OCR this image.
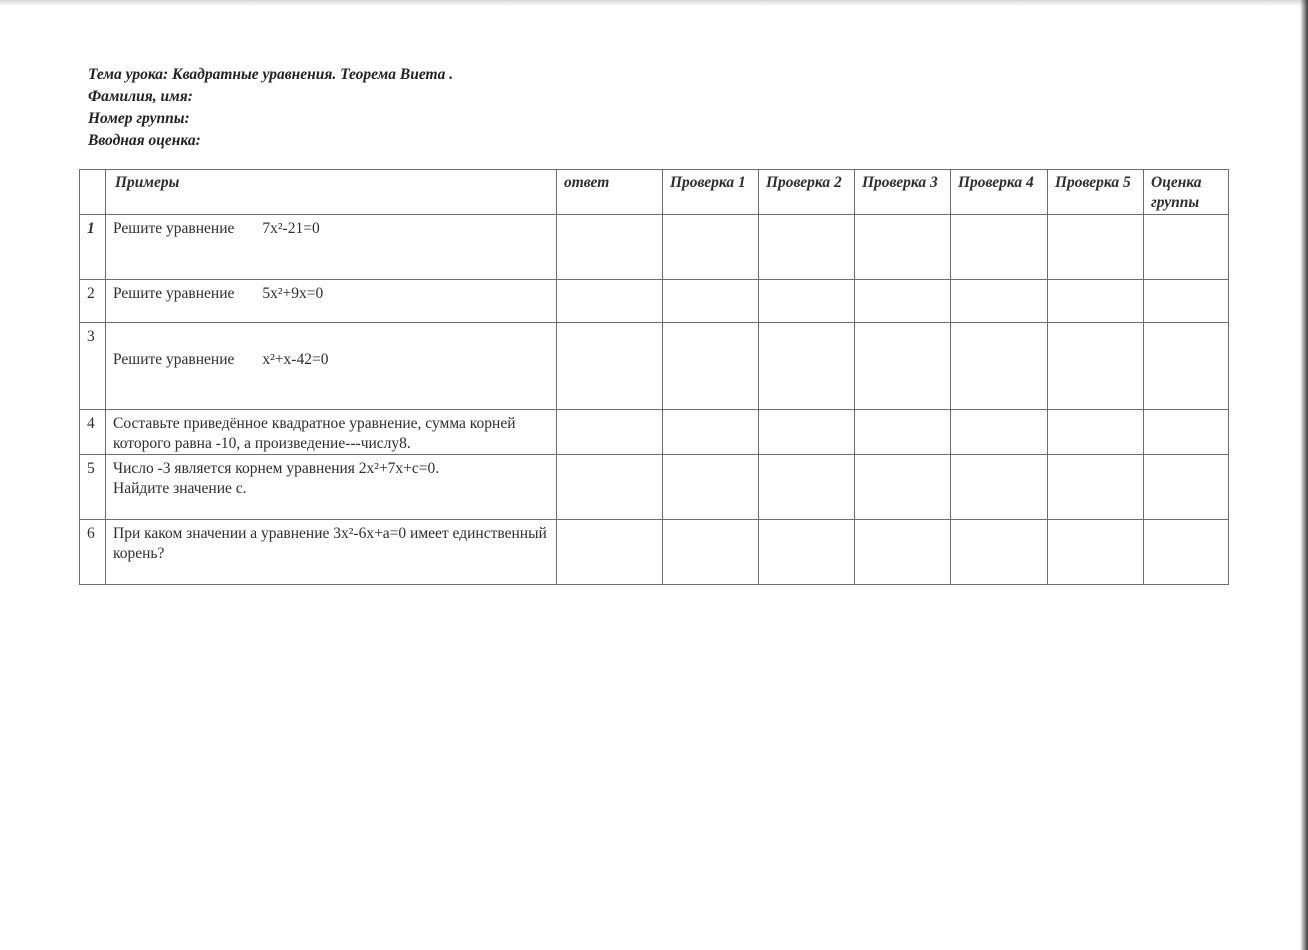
Тема урока: Квадратные уравнения. Теорема Виета .
Фамилия, имя:
Номер группы:
Вводная оценка:
	Примеры	ответ	Проверка 1	Проверка 2	Проверка 3	Проверка 4	Проверка 5	Оценка группы
1	Решите уравнение 7x²-21=0							
2	Решите уравнение 5x²+9x=0							
3	Решите уравнение x²+x-42=0							
4	Составьте приведённое квадратное уравнение, сумма корней которого равна -10, а произведение---числу8.							
5	Число -3 является корнем уравнения 2x²+7x+c=0.
Найдите значение c.							

6	При каком значении а уравнение 3x²-6x+a=0 имеет единственный корень?							
